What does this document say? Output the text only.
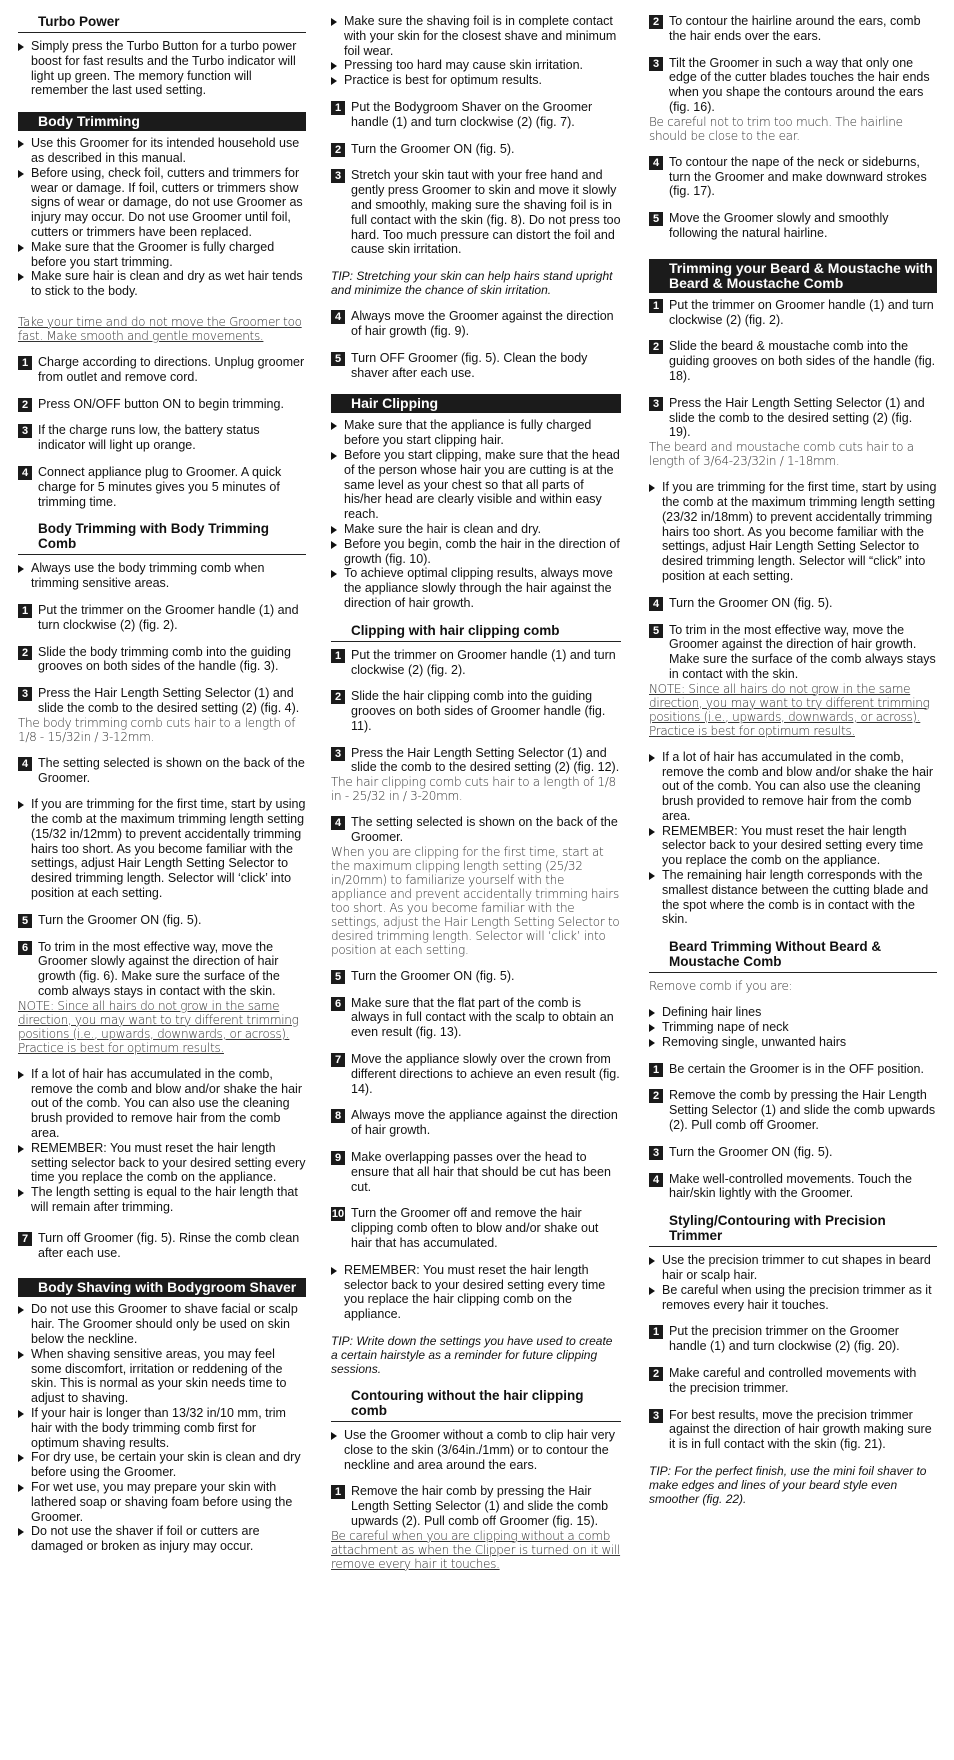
Turbo Power
Simply press the Turbo Button for a turbo power boost for fast results and the Turbo indicator will light up green. The memory function will remember the last used setting.
Body Trimming
Use this Groomer for its intended household use as described in this manual.
Before using, check foil, cutters and trimmers for wear or damage. If foil, cutters or trimmers show signs of wear or damage, do not use Groomer as injury may occur. Do not use Groomer until foil, cutters or trimmers have been replaced.
Make sure that the Groomer is fully charged before you start trimming.
Make sure hair is clean and dry as wet hair tends to stick to the body.
Take your time and do not move the Groomer too fast. Make smooth and gentle movements.
1 Charge according to directions. Unplug groomer from outlet and remove cord.
2 Press ON/OFF button ON to begin trimming.
3 If the charge runs low, the battery status indicator will light up orange.
4 Connect appliance plug to Groomer. A quick charge for 5 minutes gives you 5 minutes of trimming time.
Body Trimming with Body Trimming Comb
Always use the body trimming comb when trimming sensitive areas.
1 Put the trimmer on the Groomer handle (1) and turn clockwise (2) (fig. 2).
2 Slide the body trimming comb into the guiding grooves on both sides of the handle (fig. 3).
3 Press the Hair Length Setting Selector (1) and slide the comb to the desired setting (2) (fig. 4).
The body trimming comb cuts hair to a length of 1/8 - 15/32in / 3-12mm.
4 The setting selected is shown on the back of the Groomer.
If you are trimming for the first time, start by using the comb at the maximum trimming length setting (15/32 in/12mm) to prevent accidentally trimming hairs too short. As you become familiar with the settings, adjust Hair Length Setting Selector to desired trimming length. Selector will ‘click’ into position at each setting.
5 Turn the Groomer ON (fig. 5).
6 To trim in the most effective way, move the Groomer slowly against the direction of hair growth (fig. 6). Make sure the surface of the comb always stays in contact with the skin.
NOTE: Since all hairs do not grow in the same direction, you may want to try different trimming positions (i.e., upwards, downwards, or across). Practice is best for optimum results.
If a lot of hair has accumulated in the comb, remove the comb and blow and/or shake the hair out of the comb. You can also use the cleaning brush provided to remove hair from the comb area.
REMEMBER: You must reset the hair length setting selector back to your desired setting every time you replace the comb on the appliance.
The length setting is equal to the hair length that will remain after trimming.
7 Turn off Groomer (fig. 5). Rinse the comb clean after each use.
Body Shaving with Bodygroom Shaver
Do not use this Groomer to shave facial or scalp hair. The Groomer should only be used on skin below the neckline.
When shaving sensitive areas, you may feel some discomfort, irritation or reddening of the skin. This is normal as your skin needs time to adjust to shaving.
If your hair is longer than 13/32 in/10 mm, trim hair with the body trimming comb first for optimum shaving results.
For dry use, be certain your skin is clean and dry before using the Groomer.
For wet use, you may prepare your skin with lathered soap or shaving foam before using the Groomer.
Do not use the shaver if foil or cutters are damaged or broken as injury may occur.
Make sure the shaving foil is in complete contact with your skin for the closest shave and minimum foil wear.
Pressing too hard may cause skin irritation.
Practice is best for optimum results.
1 Put the Bodygroom Shaver on the Groomer handle (1) and turn clockwise (2) (fig. 7).
2 Turn the Groomer ON (fig. 5).
3 Stretch your skin taut with your free hand and gently press Groomer to skin and move it slowly and smoothly, making sure the shaving foil is in full contact with the skin (fig. 8). Do not press too hard. Too much pressure can distort the foil and cause skin irritation.
TIP: Stretching your skin can help hairs stand upright and minimize the chance of skin irritation.
4 Always move the Groomer against the direction of hair growth (fig. 9).
5 Turn OFF Groomer (fig. 5). Clean the body shaver after each use.
Hair Clipping
Make sure that the appliance is fully charged before you start clipping hair.
Before you start clipping, make sure that the head of the person whose hair you are cutting is at the same level as your chest so that all parts of his/her head are clearly visible and within easy reach.
Make sure the hair is clean and dry.
Before you begin, comb the hair in the direction of growth (fig. 10).
To achieve optimal clipping results, always move the appliance slowly through the hair against the direction of hair growth.
Clipping with hair clipping comb
1 Put the trimmer on Groomer handle (1) and turn clockwise (2) (fig. 2).
2 Slide the hair clipping comb into the guiding grooves on both sides of Groomer handle (fig. 11).
3 Press the Hair Length Setting Selector (1) and slide the comb to the desired setting (2) (fig. 12).
The hair clipping comb cuts hair to a length of 1/8 in - 25/32 in / 3-20mm.
4 The setting selected is shown on the back of the Groomer.
When you are clipping for the first time, start at the maximum clipping length setting (25/32 in/20mm) to familiarize yourself with the appliance and prevent accidentally trimming hairs too short. As you become familiar with the settings, adjust the Hair Length Setting Selector to desired trimming length. Selector will ‘click’ into position at each setting.
5 Turn the Groomer ON (fig. 5).
6 Make sure that the flat part of the comb is always in full contact with the scalp to obtain an even result (fig. 13).
7 Move the appliance slowly over the crown from different directions to achieve an even result (fig. 14).
8 Always move the appliance against the direction of hair growth.
9 Make overlapping passes over the head to ensure that all hair that should be cut has been cut.
10 Turn the Groomer off and remove the hair clipping comb often to blow and/or shake out hair that has accumulated.
REMEMBER: You must reset the hair length selector back to your desired setting every time you replace the hair clipping comb on the appliance.
TIP: Write down the settings you have used to create a certain hairstyle as a reminder for future clipping sessions.
Contouring without the hair clipping comb
Use the Groomer without a comb to clip hair very close to the skin (3/64in./1mm) or to contour the neckline and area around the ears.
1 Remove the hair comb by pressing the Hair Length Setting Selector (1) and slide the comb upwards (2). Pull comb off Groomer (fig. 15).
Be careful when you are clipping without a comb attachment as when the Clipper is turned on it will remove every hair it touches.
2 To contour the hairline around the ears, comb the hair ends over the ears.
3 Tilt the Groomer in such a way that only one edge of the cutter blades touches the hair ends when you shape the contours around the ears (fig. 16).
Be careful not to trim too much. The hairline should be close to the ear.
4 To contour the nape of the neck or sideburns, turn the Groomer and make downward strokes (fig. 17).
5 Move the Groomer slowly and smoothly following the natural hairline.
Trimming your Beard & Moustache with Beard & Moustache Comb
1 Put the trimmer on Groomer handle (1) and turn clockwise (2) (fig. 2).
2 Slide the beard & moustache comb into the guiding grooves on both sides of the handle (fig. 18).
3 Press the Hair Length Setting Selector (1) and slide the comb to the desired setting (2) (fig. 19).
The beard and moustache comb cuts hair to a length of 3/64-23/32in / 1-18mm.
If you are trimming for the first time, start by using the comb at the maximum trimming length setting (23/32 in/18mm) to prevent accidentally trimming hairs too short. As you become familiar with the settings, adjust Hair Length Setting Selector to desired trimming length. Selector will “click” into position at each setting.
4 Turn the Groomer ON (fig. 5).
5 To trim in the most effective way, move the Groomer against the direction of hair growth. Make sure the surface of the comb always stays in contact with the skin.
NOTE: Since all hairs do not grow in the same direction, you may want to try different trimming positions (i.e., upwards, downwards, or across). Practice is best for optimum results.
If a lot of hair has accumulated in the comb, remove the comb and blow and/or shake the hair out of the comb. You can also use the cleaning brush provided to remove hair from the comb area.
REMEMBER: You must reset the hair length selector back to your desired setting every time you replace the comb on the appliance.
The remaining hair length corresponds with the smallest distance between the cutting blade and the spot where the comb is in contact with the skin.
Beard Trimming Without Beard & Moustache Comb
Remove comb if you are:
Defining hair lines
Trimming nape of neck
Removing single, unwanted hairs
1 Be certain the Groomer is in the OFF position.
2 Remove the comb by pressing the Hair Length Setting Selector (1) and slide the comb upwards (2). Pull comb off Groomer.
3 Turn the Groomer ON (fig. 5).
4 Make well-controlled movements. Touch the hair/skin lightly with the Groomer.
Styling/Contouring with Precision Trimmer
Use the precision trimmer to cut shapes in beard hair or scalp hair.
Be careful when using the precision trimmer as it removes every hair it touches.
1 Put the precision trimmer on the Groomer handle (1) and turn clockwise (2) (fig. 20).
2 Make careful and controlled movements with the precision trimmer.
3 For best results, move the precision trimmer against the direction of hair growth making sure it is in full contact with the skin (fig. 21).
TIP: For the perfect finish, use the mini foil shaver to make edges and lines of your beard style even smoother (fig. 22).
